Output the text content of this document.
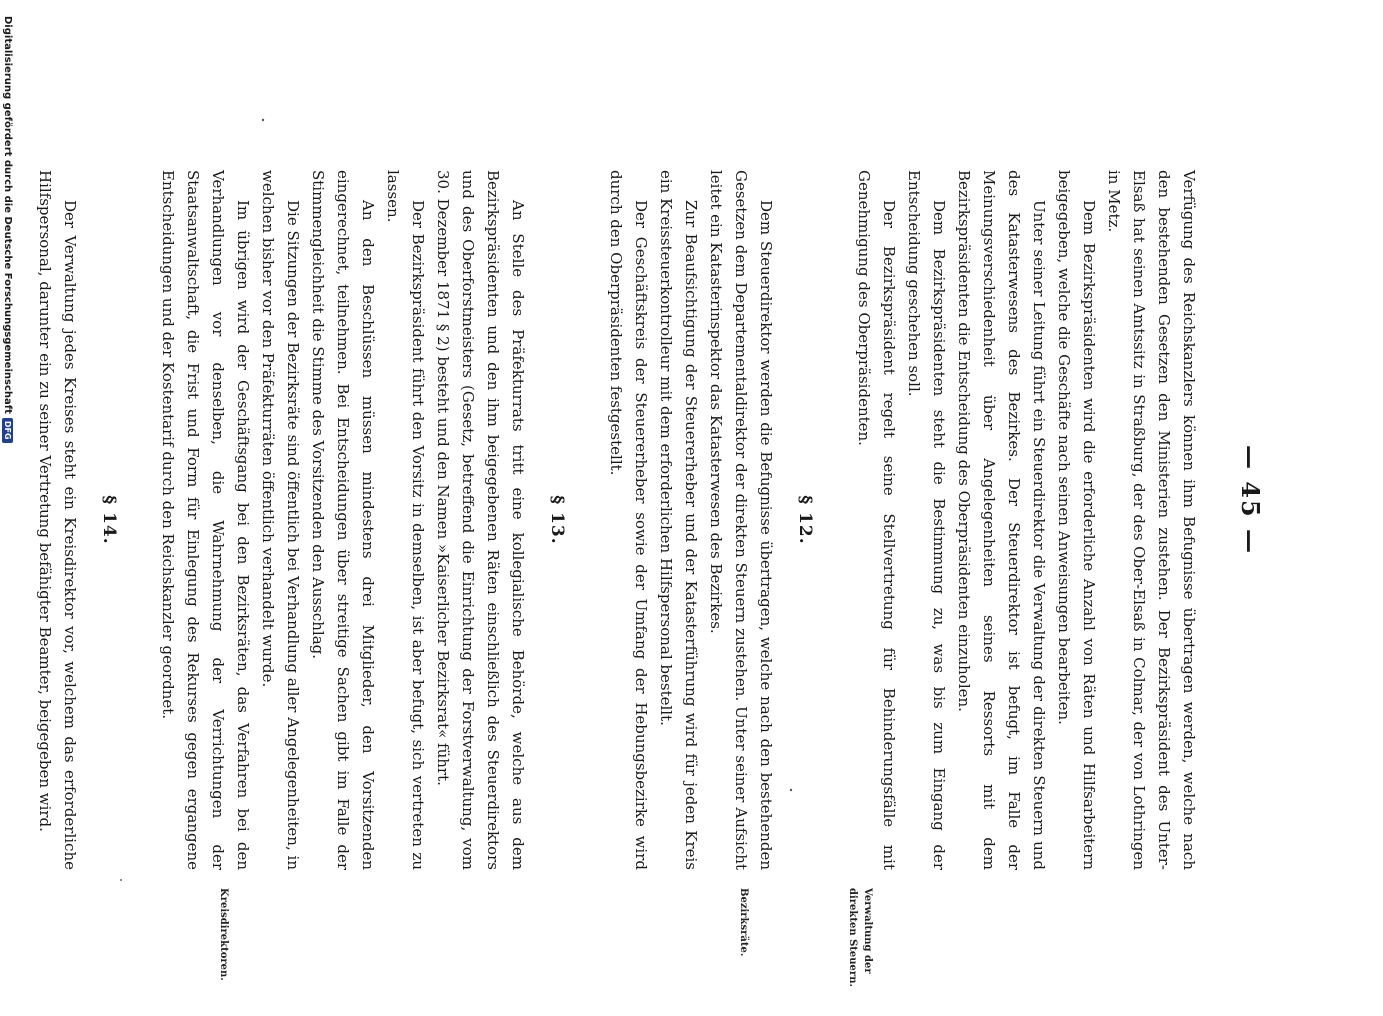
— 45 —

Verfügung des Reichskanzlers können ihm Befugnisse übertragen werden, welche nach den bestehenden Gesetzen den Ministerien zustehen. Der Bezirkspräsident des Unter-Elsaß hat seinen Amtssitz in Straßburg, der des Ober-Elsaß in Colmar, der von Lothringen in Metz.

Dem Bezirkspräsidenten wird die erforderliche Anzahl von Räten und Hilfsarbeitern beigegeben, welche die Geschäfte nach seinen Anweisungen bearbeiten.

Unter seiner Leitung führt ein Steuerdirektor die Verwaltung der direkten Steuern und des Katasterwesens des Bezirkes. Der Steuerdirektor ist befugt, im Falle der Meinungsverschiedenheit über Angelegenheiten seines Ressorts mit dem Bezirkspräsidenten die Entscheidung des Oberpräsidenten einzuholen.

Dem Bezirkspräsidenten steht die Bestimmung zu, was bis zum Eingang der Entscheidung geschehen soll.

Der Bezirkspräsident regelt seine Stellvertretung für Behinderungsfälle mit Genehmigung des Oberpräsidenten.

§ 12.

Dem Steuerdirektor werden die Befugnisse übertragen, welche nach den bestehenden Gesetzen dem Departementaldirektor der direkten Steuern zustehen. Unter seiner Aufsicht leitet ein Katasterinspektor das Katasterwesen des Bezirkes.

Zur Beaufsichtigung der Steuererheber und der Katasterführung wird für jeden Kreis ein Kreissteuerkontrolleur mit dem erforderlichen Hilfspersonal bestellt.

Der Geschäftskreis der Steuererheber sowie der Umfang der Hebungsbezirke wird durch den Oberpräsidenten festgestellt.

§ 13.

An Stelle des Präfekturrats tritt eine kollegialische Behörde, welche aus dem Bezirkspräsidenten und den ihm beigegebenen Räten einschließlich des Steuerdirektors und des Oberforstmeisters (Gesetz, betreffend die Einrichtung der Forstverwaltung, vom 30. Dezember 1871 § 2) besteht und den Namen »Kaiserlicher Bezirksrat« führt.

Der Bezirkspräsident führt den Vorsitz in demselben, ist aber befugt, sich vertreten zu lassen.

An den Beschlüssen müssen mindestens drei Mitglieder, den Vorsitzenden eingerechnet, teilnehmen. Bei Entscheidungen über streitige Sachen gibt im Falle der Stimmengleichheit die Stimme des Vorsitzenden den Ausschlag.

Die Sitzungen der Bezirksräte sind öffentlich bei Verhandlung aller Angelegenheiten, in welchen bisher vor den Präfekturräten öffentlich verhandelt wurde.

Im übrigen wird der Geschäftsgang bei den Bezirksräten, das Verfahren bei den Verhandlungen vor denselben, die Wahrnehmung der Verrichtungen der Staatsanwaltschaft, die Frist und Form für Einlegung des Rekurses gegen ergangene Entscheidungen und der Kostentarif durch den Reichskanzler geordnet.

§ 14.

Der Verwaltung jedes Kreises steht ein Kreisdirektor vor, welchem das erforderliche Hilfspersonal, darunter ein zu seiner Vertretung befähigter Beamter, beigegeben wird.

Verwaltung der direkten Steuern.
Bezirksräte.
Kreisdirektoren.
Digitalisierung gefördert durch die Deutsche Forschungsgemeinschaft
DFG
